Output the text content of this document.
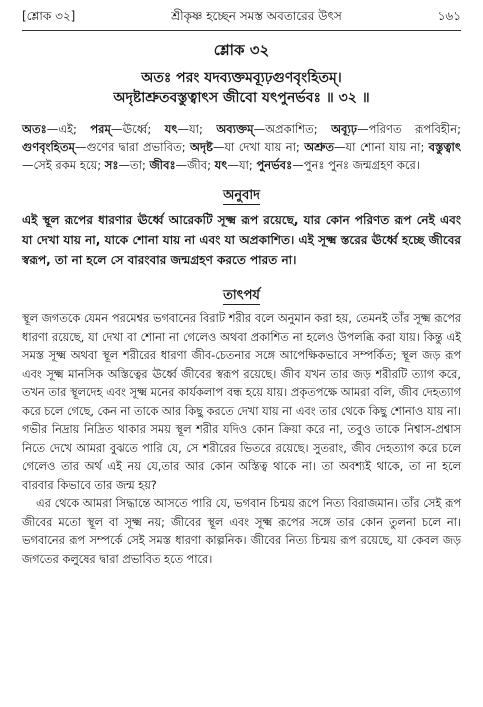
[শ্লোক ৩২]	শ্রীকৃষ্ণ হচ্ছেন সমস্ত অবতারের উৎস	১৬১
শ্লোক ৩২
অতঃ পরং যদব্যক্তমব্যূঢ়গুণবৃংহিতম্।
অদৃষ্টাশ্রুতবস্তুত্বাৎস জীবো যৎপুনর্ভবঃ ॥ ৩২ ॥
অতঃ—এই; পরম্—ঊর্ধ্বে; যৎ—যা; অব্যক্তম্—অপ্রকাশিত; অব্যূঢ়—পরিণত রূপবিহীন; গুণবৃংহিতম্—গুণের দ্বারা প্রভাবিত; অদৃষ্ট—যা দেখা যায় না; অশ্রুত—যা শোনা যায় না; বস্তুত্বাৎ—সেই রকম হয়ে; সঃ—তা; জীবঃ—জীব; যৎ—যা; পুনর্ভবঃ—পুনঃ পুনঃ জন্মগ্রহণ করে।
অনুবাদ
এই স্থূল রূপের ধারণার ঊর্ধ্বে আরেকটি সূক্ষ্ম রূপ রয়েছে, যার কোন পরিণত রূপ নেই এবং যা দেখা যায় না, যাকে শোনা যায় না এবং যা অপ্রকাশিত। এই সূক্ষ্ম স্তরের ঊর্ধ্বে হচ্ছে জীবের স্বরূপ, তা না হলে সে বারংবার জন্মগ্রহণ করতে পারত না।
তাৎপর্য

স্থূল জগতকে যেমন পরমেশ্বর ভগবানের বিরাট শরীর বলে অনুমান করা হয়, তেমনই তাঁর সূক্ষ্ম রূপের ধারণা রয়েছে, যা দেখা বা শোনা না গেলেও অথবা প্রকাশিত না হলেও উপলব্ধি করা যায়। কিন্তু এই সমস্ত সূক্ষ্ম অথবা স্থূল শরীরের ধারণা জীব-চেতনার সঙ্গে আপেক্ষিকভাবে সম্পর্কিত; স্থূল জড় রূপ এবং সূক্ষ্ম মানসিক অস্তিত্বের ঊর্ধ্বে জীবের স্বরূপ রয়েছে। জীব যখন তার জড় শরীরটি ত্যাগ করে, তখন তার স্থূলদেহ এবং সূক্ষ্ম মনের কার্যকলাপ বন্ধ হয়ে যায়। প্রকৃতপক্ষে আমরা বলি, জীব দেহত্যাগ করে চলে গেছে, কেন না তাকে আর কিছু করতে দেখা যায় না এবং তার থেকে কিছু শোনাও যায় না। গভীর নিদ্রায় নিদ্রিত থাকার সময় স্থূল শরীর যদিও কোন ক্রিয়া করে না, তবুও তাকে নিশ্বাস-প্রশ্বাস নিতে দেখে আমরা বুঝতে পারি যে, সে শরীরের ভিতরে রয়েছে। সুতরাং, জীব দেহত্যাগ করে চলে গেলেও তার অর্থ এই নয় যে,তার আর কোন অস্তিত্ব থাকে না। তা অবশ্যই থাকে, তা না হলে বারবার কিভাবে তার জন্ম হয়?

এর থেকে আমরা সিদ্ধান্তে আসতে পারি যে, ভগবান চিন্ময় রূপে নিত্য বিরাজমান। তাঁর সেই রূপ জীবের মতো স্থূল বা সূক্ষ্ম নয়; জীবের স্থূল এবং সূক্ষ্ম রূপের সঙ্গে তার কোন তুলনা চলে না। ভগবানের রূপ সম্পর্কে সেই সমস্ত ধারণা কাল্পনিক। জীবের নিত্য চিন্ময় রূপ রয়েছে, যা কেবল জড় জগতের কলুষের দ্বারা প্রভাবিত হতে পারে।
